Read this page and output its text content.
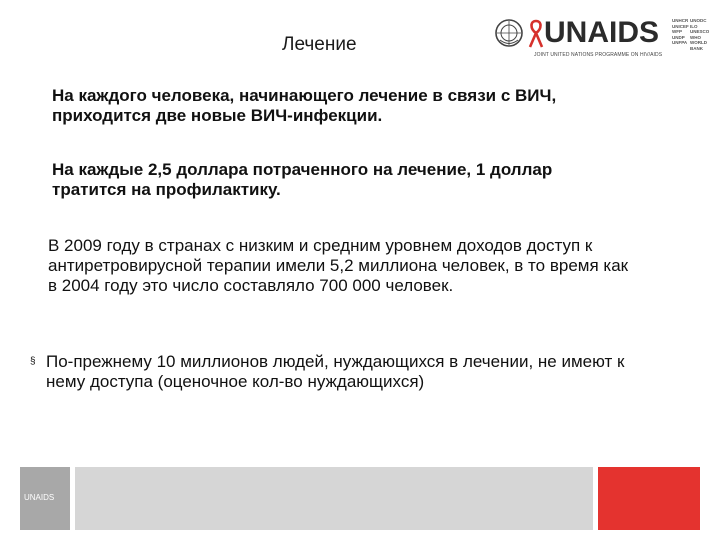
Лечение	UNAIDS
JOINT UNITED NATIONS PROGRAMME ON HIV/AIDS
UNHCR
UNICEF
WFP
UNDP
UNFPA
UNODC
ILO
UNESCO
WHO
WORLD BANK
На каждого человека, начинающего лечение в связи с ВИЧ, приходится две новые ВИЧ-инфекции.
На каждые 2,5 доллара потраченного на лечение, 1 доллар тратится на профилактику.
В 2009 году в странах с низким и средним уровнем доходов доступ к антиретровирусной терапии имели 5,2 миллиона человек, в то время как в 2004 году это число составляло 700 000 человек.
§ По-прежнему 10 миллионов людей, нуждающихся в лечении, не имеют к нему доступа (оценочное кол-во нуждающихся)
UNAIDS
